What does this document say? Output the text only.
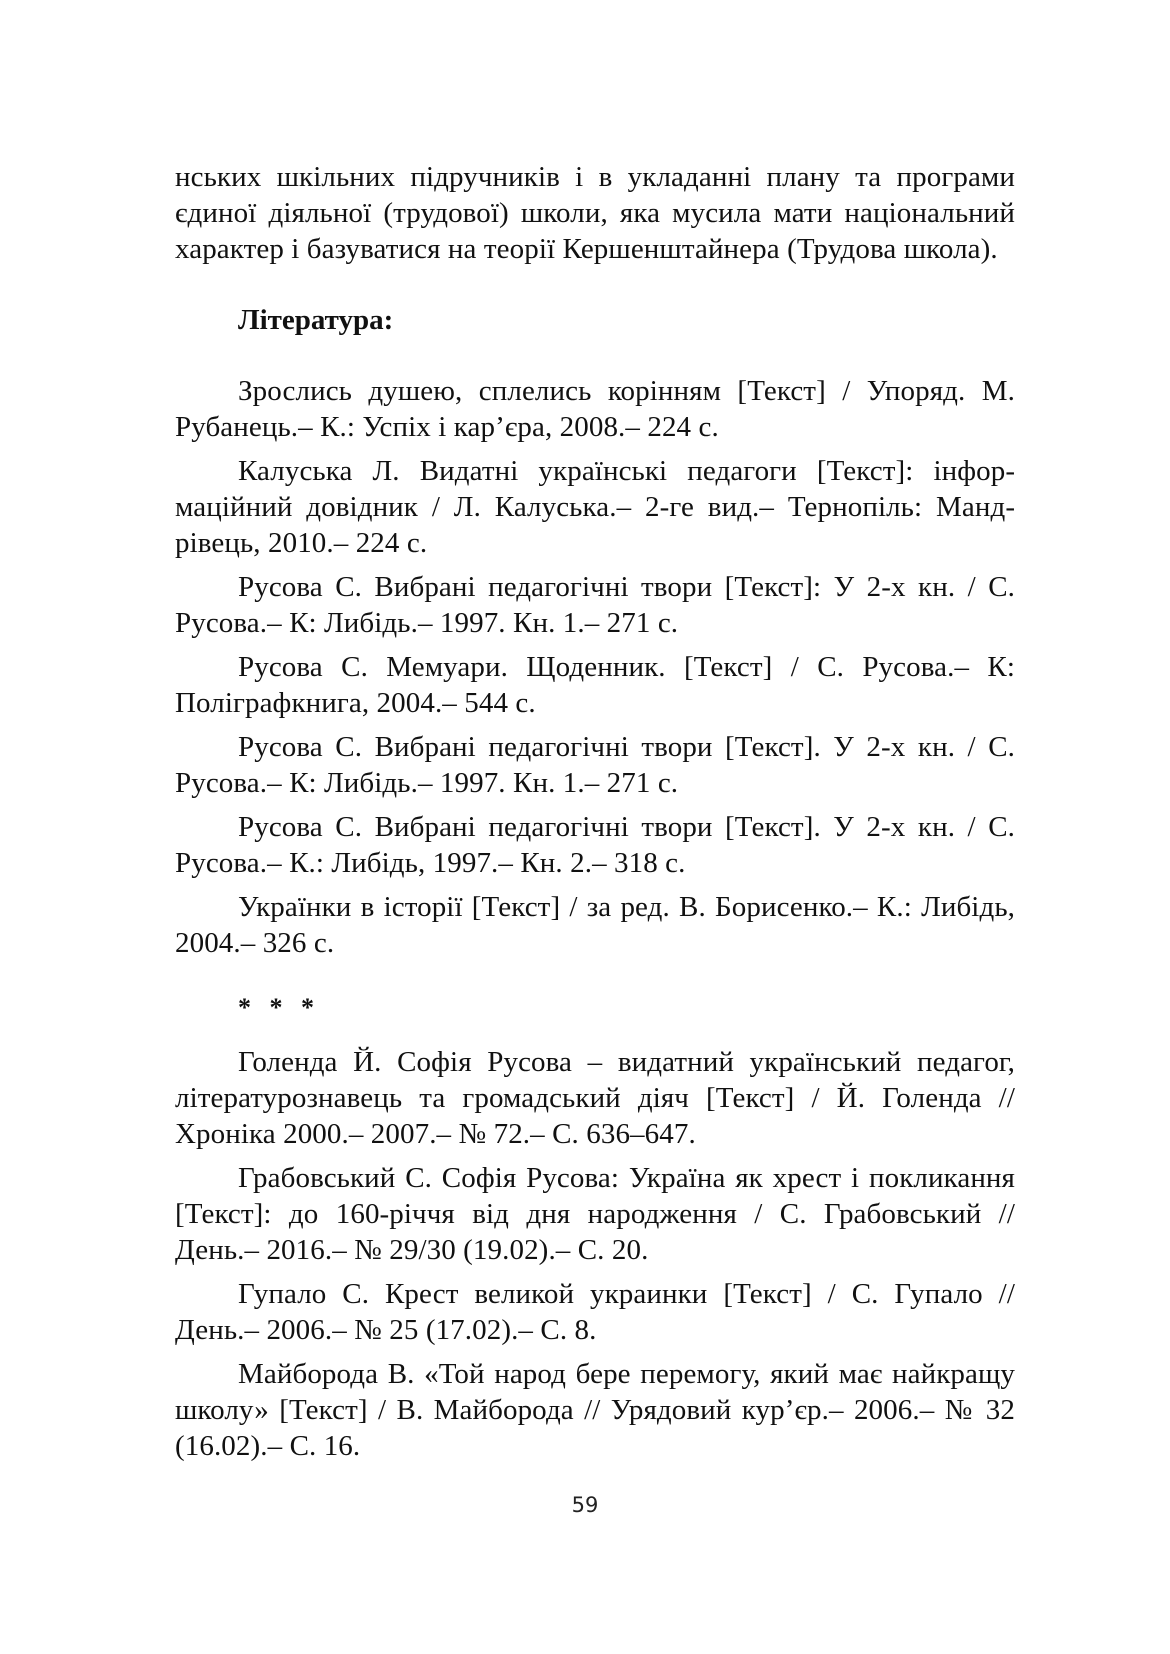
нських шкільних підручників і в укладанні плану та програми єдиної діяльної (трудової) школи, яка мусила мати національний характер і базуватися на теорії Кершенштайнера (Трудова школа).

Література:

Зрослись душею, сплелись корінням [Текст] / Упоряд. М. Рубанець.– К.: Успіх і кар’єра, 2008.– 224 с.

Калуська Л. Видатні українські педагоги [Текст]: інформаційний довідник / Л. Калуська.– 2-ге вид.– Тернопіль: Мандрівець, 2010.– 224 с.

Русова С. Вибрані педагогічні твори [Текст]: У 2-х кн. / С. Русова.– К: Либідь.– 1997. Кн. 1.– 271 с.

Русова С. Мемуари. Щоденник. [Текст] / С. Русова.– К: Поліграфкнига, 2004.– 544 с.

Русова С. Вибрані педагогічні твори [Текст]. У 2-х кн. / С. Русова.– К: Либідь.– 1997. Кн. 1.– 271 с.

Русова С. Вибрані педагогічні твори [Текст]. У 2-х кн. / С. Русова.– К.: Либідь, 1997.– Кн. 2.– 318 с.

Українки в історії [Текст] / за ред. В. Борисенко.– К.: Либідь, 2004.– 326 с.

* * *

Голенда Й. Софія Русова – видатний український педагог, літературознавець та громадський діяч [Текст] / Й. Голенда // Хроніка 2000.– 2007.– № 72.– С. 636–647.

Грабовський С. Софія Русова: Україна як хрест і покликання [Текст]: до 160-річчя від дня народження / С. Грабовський // День.– 2016.– № 29/30 (19.02).– С. 20.

Гупало С. Крест великой украинки [Текст] / С. Гупало // День.– 2006.– № 25 (17.02).– С. 8.

Майборода В. «Той народ бере перемогу, який має найкращу школу» [Текст] / В. Майборода // Урядовий кур’єр.– 2006.– № 32 (16.02).– С. 16.

59
